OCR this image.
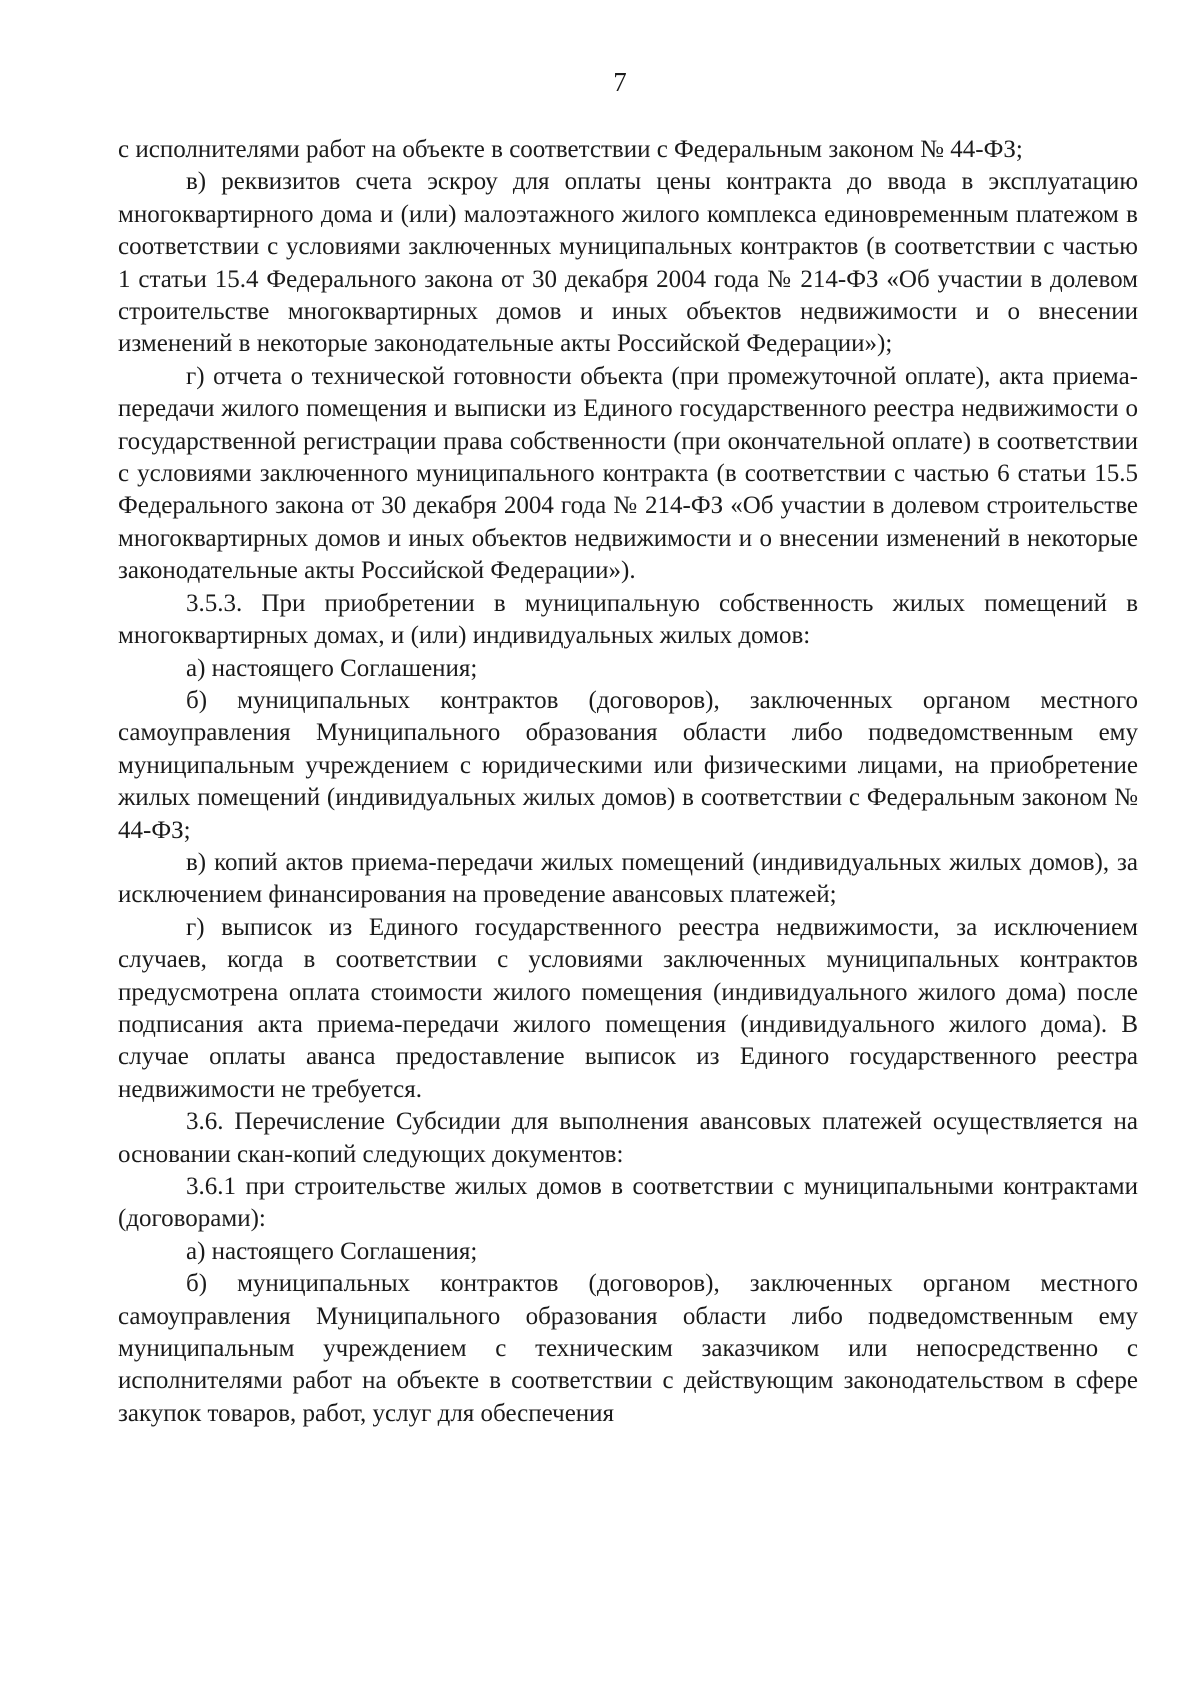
7

с исполнителями работ на объекте в соответствии с Федеральным законом № 44-ФЗ;

в) реквизитов счета эскроу для оплаты цены контракта до ввода в эксплуатацию многоквартирного дома и (или) малоэтажного жилого комплекса единовременным платежом в соответствии с условиями заключенных муниципальных контрактов (в соответствии с частью 1 статьи 15.4 Федерального закона от 30 декабря 2004 года № 214-ФЗ «Об участии в долевом строительстве многоквартирных домов и иных объектов недвижимости и о внесении изменений в некоторые законодательные акты Российской Федерации»);

г) отчета о технической готовности объекта (при промежуточной оплате), акта приема-передачи жилого помещения и выписки из Единого государственного реестра недвижимости о государственной регистрации права собственности (при окончательной оплате) в соответствии с условиями заключенного муниципального контракта (в соответствии с частью 6 статьи 15.5 Федерального закона от 30 декабря 2004 года № 214-ФЗ «Об участии в долевом строительстве многоквартирных домов и иных объектов недвижимости и о внесении изменений в некоторые законодательные акты Российской Федерации»).

3.5.3. При приобретении в муниципальную собственность жилых помещений в многоквартирных домах, и (или) индивидуальных жилых домов:

а) настоящего Соглашения;

б) муниципальных контрактов (договоров), заключенных органом местного самоуправления Муниципального образования области либо подведомственным ему муниципальным учреждением с юридическими или физическими лицами, на приобретение жилых помещений (индивидуальных жилых домов) в соответствии с Федеральным законом № 44-ФЗ;

в) копий актов приема-передачи жилых помещений (индивидуальных жилых домов), за исключением финансирования на проведение авансовых платежей;

г) выписок из Единого государственного реестра недвижимости, за исключением случаев, когда в соответствии с условиями заключенных муниципальных контрактов предусмотрена оплата стоимости жилого помещения (индивидуального жилого дома) после подписания акта приема-передачи жилого помещения (индивидуального жилого дома). В случае оплаты аванса предоставление выписок из Единого государственного реестра недвижимости не требуется.

3.6. Перечисление Субсидии для выполнения авансовых платежей осуществляется на основании скан-копий следующих документов:

3.6.1 при строительстве жилых домов в соответствии с муниципальными контрактами (договорами):

а) настоящего Соглашения;

б) муниципальных контрактов (договоров), заключенных органом местного самоуправления Муниципального образования области либо подведомственным ему муниципальным учреждением с техническим заказчиком или непосредственно с исполнителями работ на объекте в соответствии с действующим законодательством в сфере закупок товаров, работ, услуг для обеспечения
